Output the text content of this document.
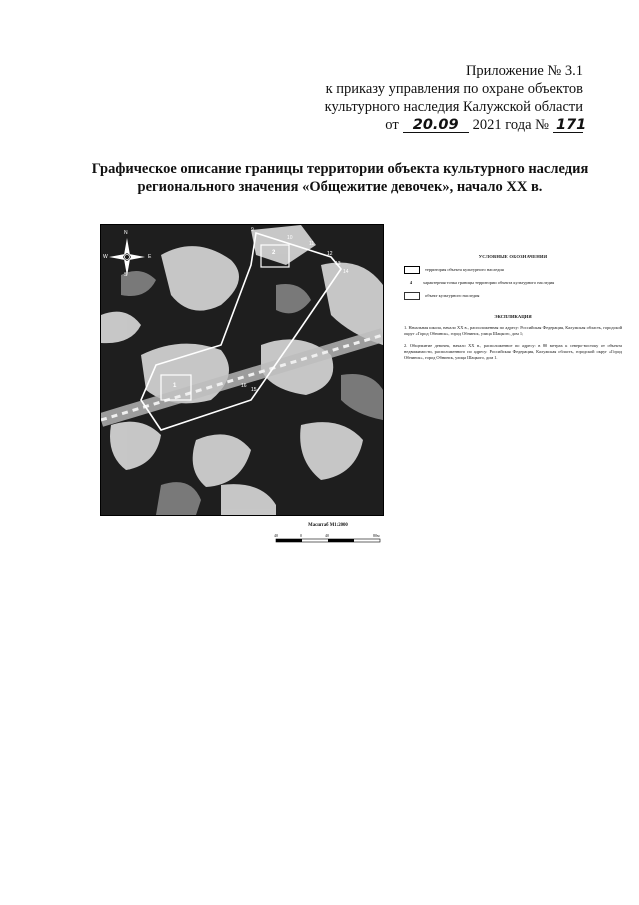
Приложение № 3.1
к приказу управления по охране объектов
культурного наследия Калужской области
от 20.09 2021 года № 171
Графическое описание границы территории объекта культурного наследия
регионального значения «Общежитие девочек», начало XX в.
N
S
E
W
9
10
11
12
13
14
15
16
1
2
Масштаб М1:2000
40	0	40	80м
УСЛОВНЫЕ ОБОЗНАЧЕНИЯ
территория объекта культурного наследия
4	характерная точка границы территории объекта культурного наследия
объект культурного наследия
ЭКСПЛИКАЦИЯ
1. Начальная школа, начало XX в., расположенная по адресу: Российская Федерация, Калужская область, городской округ «Город Обнинск», город Обнинск, улица Шацкого, дом 1;
2. Общежитие девочек, начало XX в., расположенное по адресу: в 80 метрах к северо-востоку от объекта недвижимости, расположенного по адресу: Российская Федерация, Калужская область, городской округ «Город Обнинск», город Обнинск, улица Шацкого, дом 1.
